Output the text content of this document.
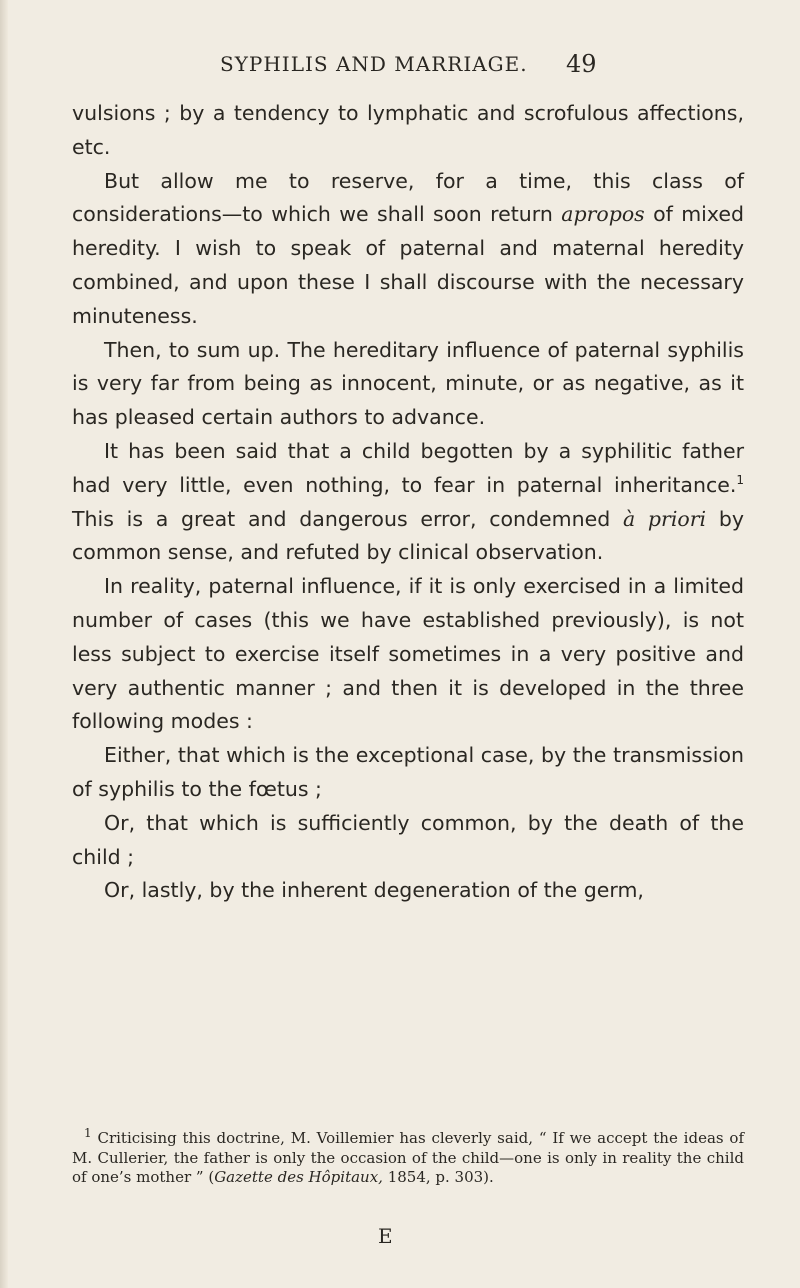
SYPHILIS AND MARRIAGE.	49

vulsions ; by a tendency to lymphatic and scrofulous affections, etc.

But allow me to reserve, for a time, this class of considerations—to which we shall soon return apropos of mixed heredity. I wish to speak of paternal and maternal heredity combined, and upon these I shall discourse with the necessary minuteness.

Then, to sum up. The hereditary influence of paternal syphilis is very far from being as innocent, minute, or as negative, as it has pleased certain authors to advance.

It has been said that a child begotten by a syphilitic father had very little, even nothing, to fear in paternal inheritance.$^1$ This is a great and dangerous error, condemned à priori by common sense, and refuted by clinical observation.

In reality, paternal influence, if it is only exercised in a limited number of cases (this we have established previously), is not less subject to exercise itself sometimes in a very positive and very authentic manner ; and then it is developed in the three following modes :

Either, that which is the exceptional case, by the transmission of syphilis to the fœtus ;

Or, that which is sufficiently common, by the death of the child ;

Or, lastly, by the inherent degeneration of the germ,

$^1$ Criticising this doctrine, M. Voillemier has cleverly said, “ If we accept the ideas of M. Cullerier, the father is only the occasion of the child—one is only in reality the child of one’s mother ” (Gazette des Hôpitaux, 1854, p. 303).

E
